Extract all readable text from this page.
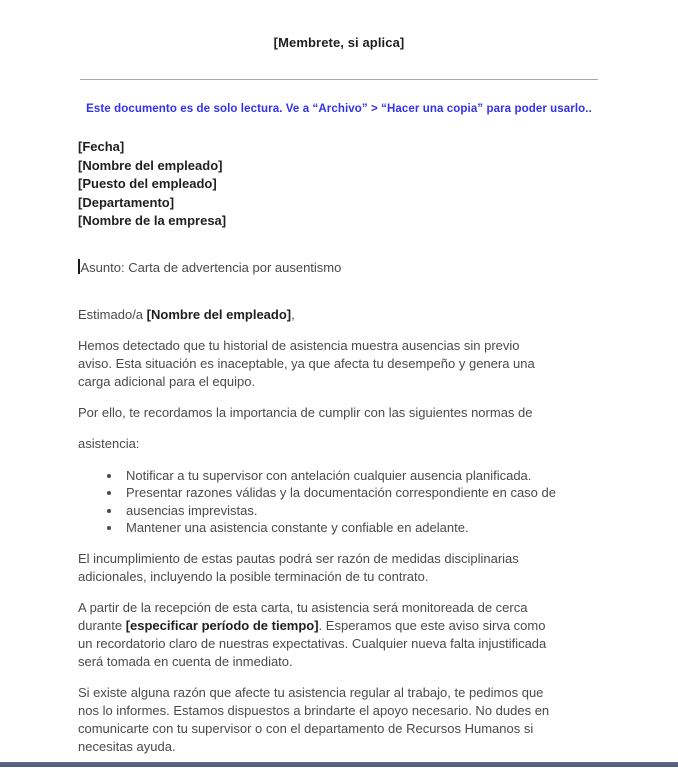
[Membrete, si aplica]
Este documento es de solo lectura. Ve a “Archivo” > “Hacer una copia” para poder usarlo..
[Fecha]
[Nombre del empleado]
[Puesto del empleado]
[Departamento]
[Nombre de la empresa]
Asunto: Carta de advertencia por ausentismo
Estimado/a [Nombre del empleado],
Hemos detectado que tu historial de asistencia muestra ausencias sin previo
aviso. Esta situación es inaceptable, ya que afecta tu desempeño y genera una
carga adicional para el equipo.
Por ello, te recordamos la importancia de cumplir con las siguientes normas de
asistencia:
• Notificar a tu supervisor con antelación cualquier ausencia planificada.
• Presentar razones válidas y la documentación correspondiente en caso de
• ausencias imprevistas.
• Mantener una asistencia constante y confiable en adelante.
El incumplimiento de estas pautas podrá ser razón de medidas disciplinarias
adicionales, incluyendo la posible terminación de tu contrato.
A partir de la recepción de esta carta, tu asistencia será monitoreada de cerca
durante [especificar período de tiempo]. Esperamos que este aviso sirva como
un recordatorio claro de nuestras expectativas. Cualquier nueva falta injustificada
será tomada en cuenta de inmediato.
Si existe alguna razón que afecte tu asistencia regular al trabajo, te pedimos que
nos lo informes. Estamos dispuestos a brindarte el apoyo necesario. No dudes en
comunicarte con tu supervisor o con el departamento de Recursos Humanos si
necesitas ayuda.
